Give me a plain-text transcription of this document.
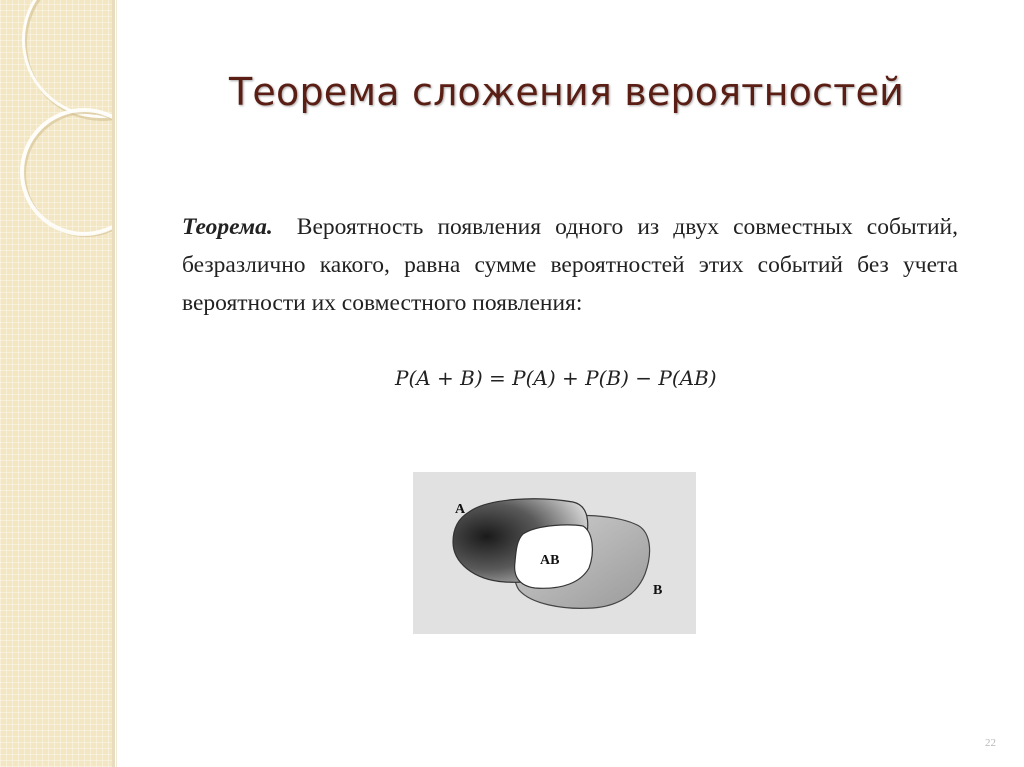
Теорема сложения вероятностей
Теорема. Вероятность появления одного из двух совместных событий, безразлично какого, равна сумме вероятностей этих событий без учета вероятности их совместного появления:
P(A + B) = P(A) + P(B) − P(AB)
A
AB
B
22
